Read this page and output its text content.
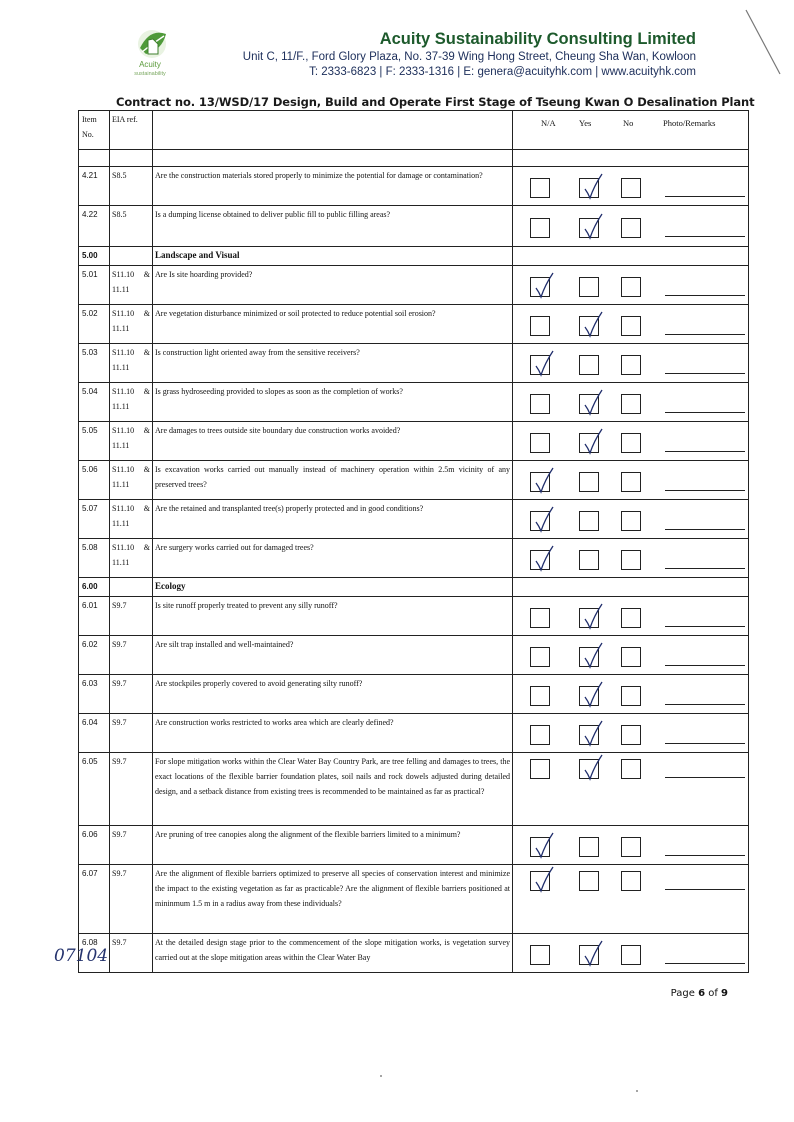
Acuity
sustainability
Acuity Sustainability Consulting Limited
Unit C, 11/F., Ford Glory Plaza, No. 37-39 Wing Hong Street, Cheung Sha Wan, Kowloon
T: 2333-6823 | F: 2333-1316 | E: genera@acuityhk.com | www.acuityhk.com
Contract no. 13/WSD/17 Design, Build and Operate First Stage of Tseung Kwan O Desalination Plant
Item No.	EIA ref.		N/A Yes No Photo/Remarks

4.21	S8.5	Are the construction materials stored properly to minimize the potential for damage or contamination?	

4.22	S8.5	Is a dumping license obtained to deliver public fill to public filling areas?	

5.00		Landscape and Visual	
5.01	S11.10 & 11.11	Are Is site hoarding provided?	

5.02	S11.10 & 11.11	Are vegetation disturbance minimized or soil protected to reduce potential soil erosion?	

5.03	S11.10 & 11.11	Is construction light oriented away from the sensitive receivers?	

5.04	S11.10 & 11.11	Is grass hydroseeding provided to slopes as soon as the completion of works?	

5.05	S11.10 & 11.11	Are damages to trees outside site boundary due construction works avoided?	

5.06	S11.10 & 11.11	Is excavation works carried out manually instead of machinery operation within 2.5m vicinity of any preserved trees?	

5.07	S11.10 & 11.11	Are the retained and transplanted tree(s) properly protected and in good conditions?	

5.08	S11.10 & 11.11	Are surgery works carried out for damaged trees?	

6.00		Ecology	
6.01	S9.7	Is site runoff properly treated to prevent any silly runoff?	

6.02	S9.7	Are silt trap installed and well-maintained?	

6.03	S9.7	Are stockpiles properly covered to avoid generating silty runoff?	

6.04	S9.7	Are construction works restricted to works area which are clearly defined?	

6.05	S9.7	For slope mitigation works within the Clear Water Bay Country Park, are tree felling and damages to trees, the exact locations of the flexible barrier foundation plates, soil nails and rock dowels adjusted during detailed design, and a setback distance from existing trees is recommended to be maintained as far as practical?	

6.06	S9.7	Are pruning of tree canopies along the alignment of the flexible barriers limited to a minimum?	

6.07	S9.7	Are the alignment of flexible barriers optimized to preserve all species of conservation interest and minimize the impact to the existing vegetation as far as practicable? Are the alignment of flexible barriers positioned at mininmum 1.5 m in a radius away from these individuals?	

6.08	S9.7	At the detailed design stage prior to the commencement of the slope mitigation works, is vegetation survey carried out at the slope mitigation areas within the Clear Water Bay	
07104
Page 6 of 9
